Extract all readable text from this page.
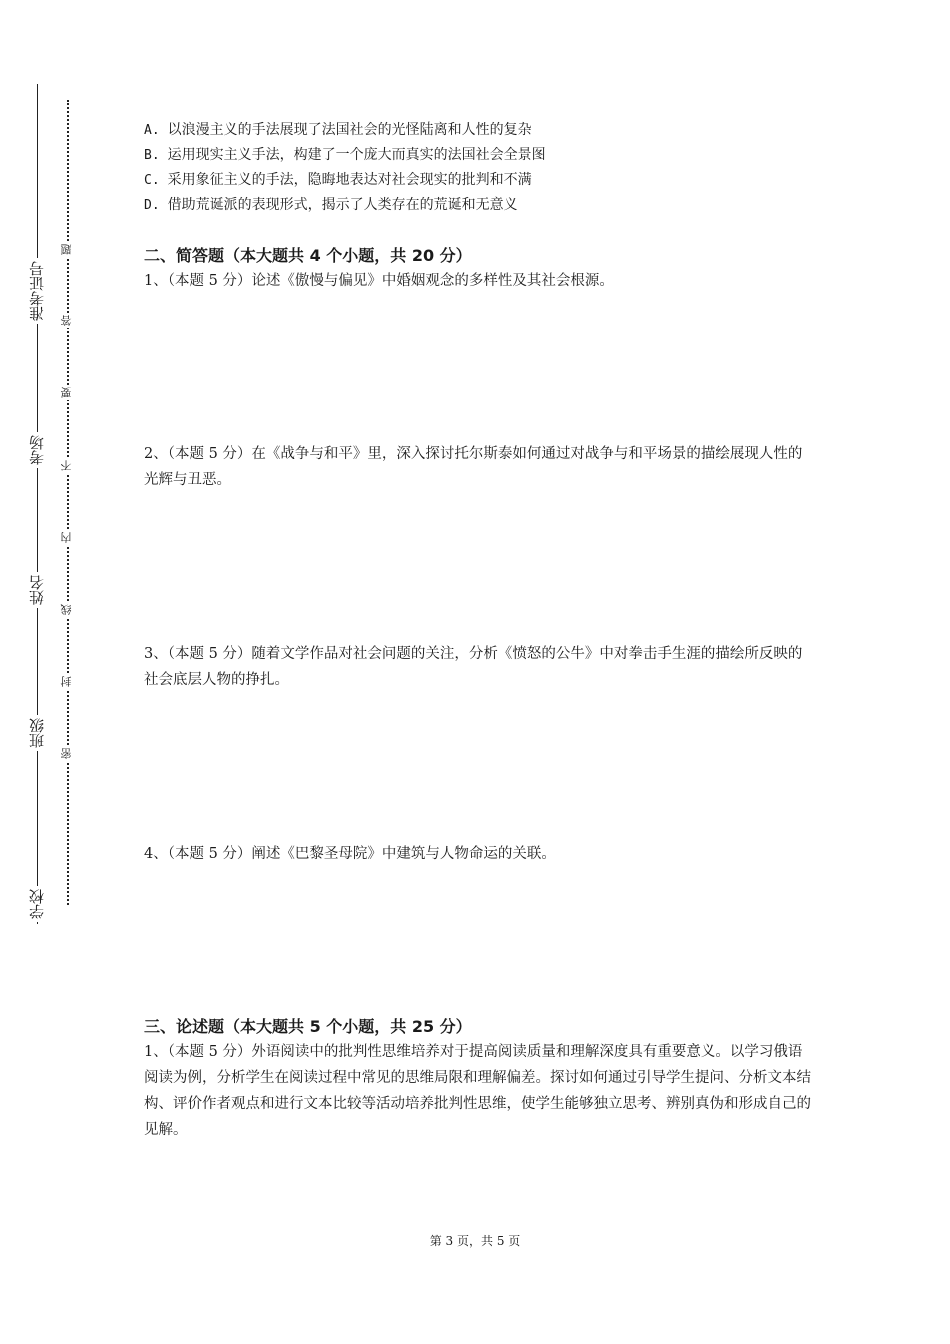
准考证号
考场
姓名
班级
学校
题
答
要
不
内
线
封
密
A. 以浪漫主义的手法展现了法国社会的光怪陆离和人性的复杂
B. 运用现实主义手法，构建了一个庞大而真实的法国社会全景图
C. 采用象征主义的手法，隐晦地表达对社会现实的批判和不满
D. 借助荒诞派的表现形式，揭示了人类存在的荒诞和无意义
二、简答题（本大题共 4 个小题，共 20 分）
1、（本题 5 分）论述《傲慢与偏见》中婚姻观念的多样性及其社会根源。
2、（本题 5 分）在《战争与和平》里，深入探讨托尔斯泰如何通过对战争与和平场景的描绘展现人性的光辉与丑恶。
3、（本题 5 分）随着文学作品对社会问题的关注，分析《愤怒的公牛》中对拳击手生涯的描绘所反映的社会底层人物的挣扎。
4、（本题 5 分）阐述《巴黎圣母院》中建筑与人物命运的关联。
三、论述题（本大题共 5 个小题，共 25 分）
1、（本题 5 分）外语阅读中的批判性思维培养对于提高阅读质量和理解深度具有重要意义。以学习俄语阅读为例，分析学生在阅读过程中常见的思维局限和理解偏差。探讨如何通过引导学生提问、分析文本结构、评价作者观点和进行文本比较等活动培养批判性思维，使学生能够独立思考、辨别真伪和形成自己的见解。
第 3 页，共 5 页
